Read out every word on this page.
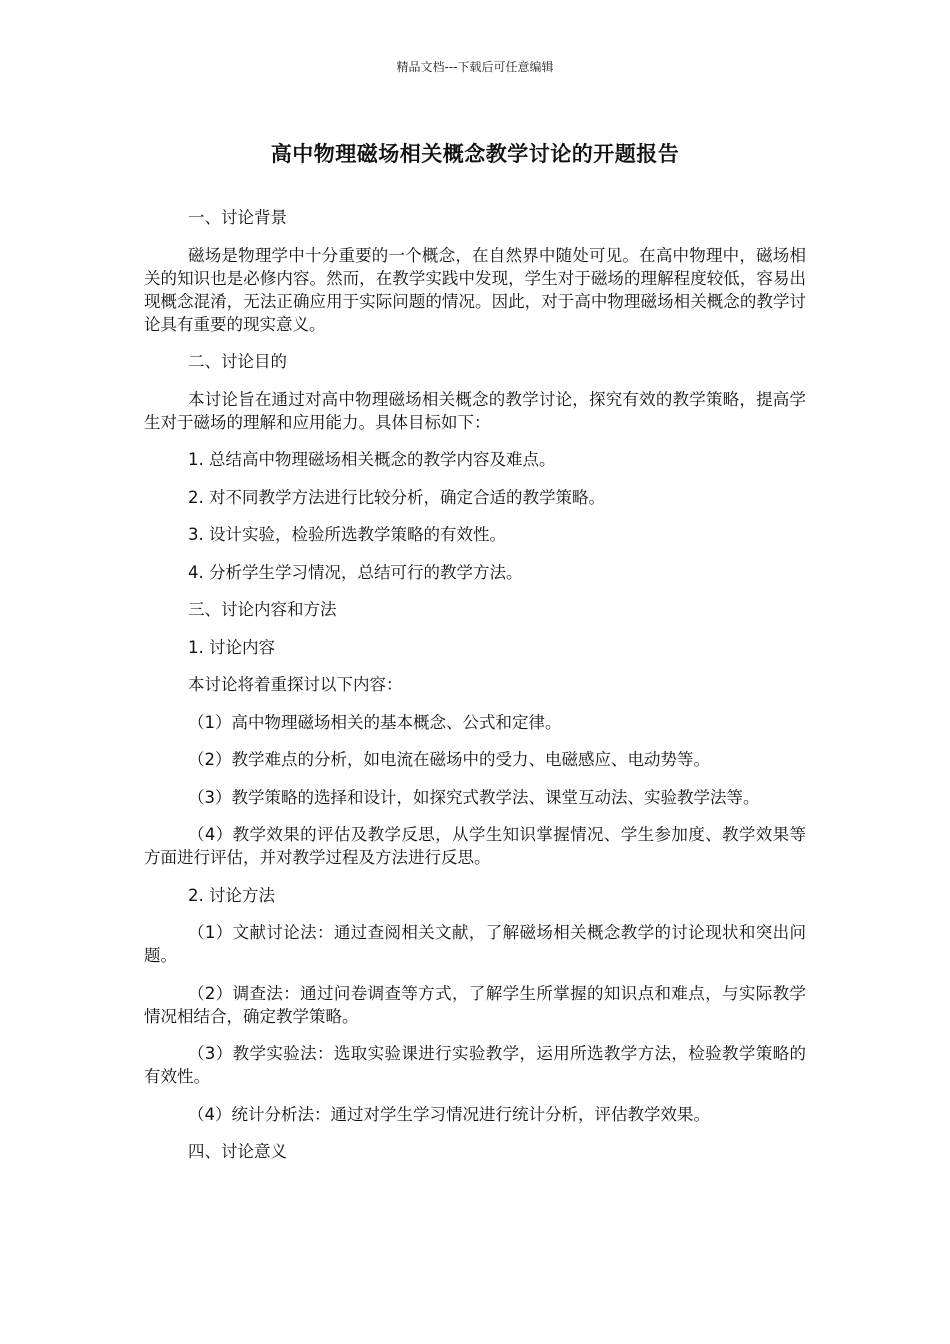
精品文档---下载后可任意编辑
高中物理磁场相关概念教学讨论的开题报告

一、讨论背景

磁场是物理学中十分重要的一个概念，在自然界中随处可见。在高中物理中，磁场相关的知识也是必修内容。然而，在教学实践中发现，学生对于磁场的理解程度较低，容易出现概念混淆，无法正确应用于实际问题的情况。因此，对于高中物理磁场相关概念的教学讨论具有重要的现实意义。

二、讨论目的

本讨论旨在通过对高中物理磁场相关概念的教学讨论，探究有效的教学策略，提高学生对于磁场的理解和应用能力。具体目标如下：

1. 总结高中物理磁场相关概念的教学内容及难点。

2. 对不同教学方法进行比较分析，确定合适的教学策略。

3. 设计实验，检验所选教学策略的有效性。

4. 分析学生学习情况，总结可行的教学方法。

三、讨论内容和方法

1. 讨论内容

本讨论将着重探讨以下内容：

（1）高中物理磁场相关的基本概念、公式和定律。

（2）教学难点的分析，如电流在磁场中的受力、电磁感应、电动势等。

（3）教学策略的选择和设计，如探究式教学法、课堂互动法、实验教学法等。

（4）教学效果的评估及教学反思，从学生知识掌握情况、学生参加度、教学效果等方面进行评估，并对教学过程及方法进行反思。

2. 讨论方法

（1）文献讨论法：通过查阅相关文献，了解磁场相关概念教学的讨论现状和突出问题。

（2）调查法：通过问卷调查等方式，了解学生所掌握的知识点和难点，与实际教学情况相结合，确定教学策略。

（3）教学实验法：选取实验课进行实验教学，运用所选教学方法，检验教学策略的有效性。

（4）统计分析法：通过对学生学习情况进行统计分析，评估教学效果。

四、讨论意义
